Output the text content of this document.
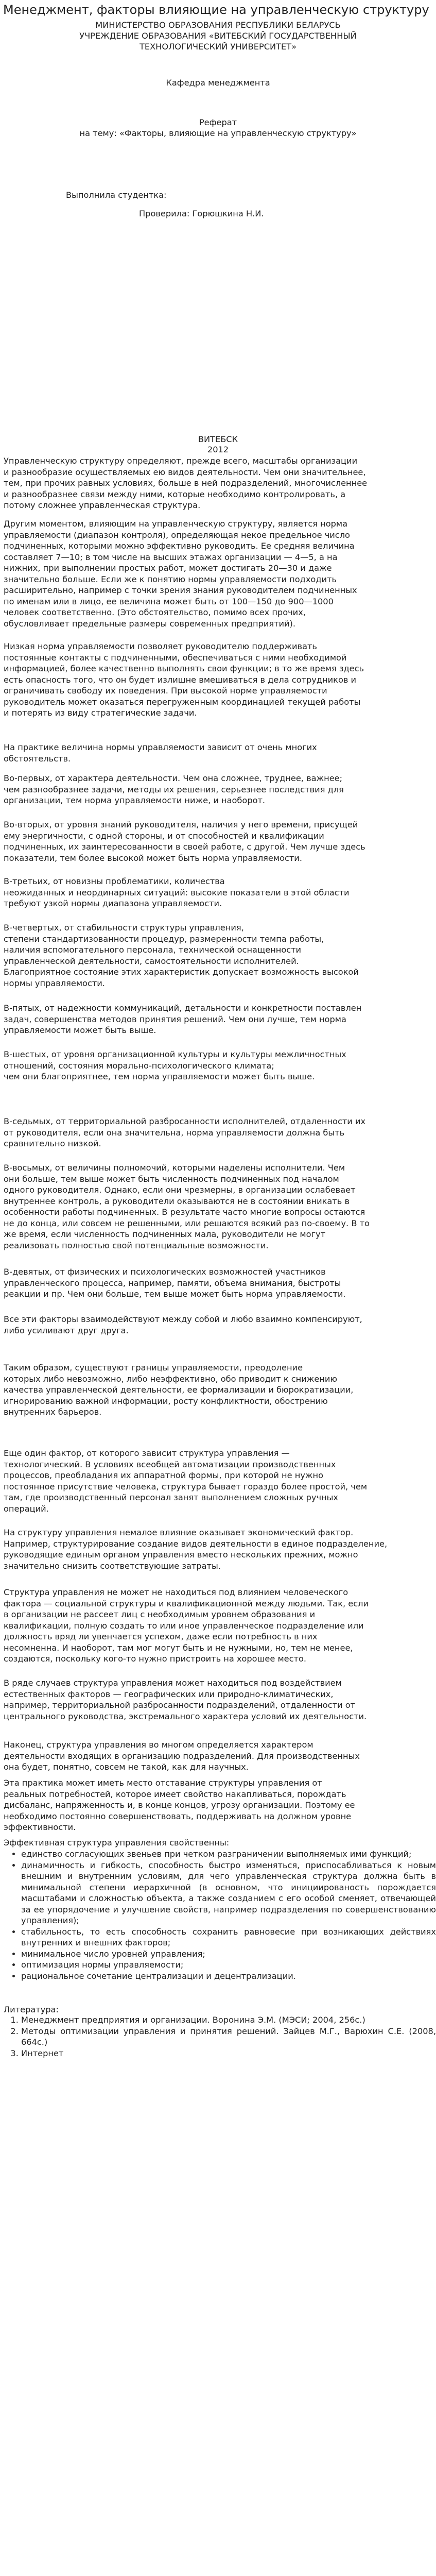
Менеджмент, факторы влияющие на управленческую структуру
МИНИСТЕРСТВО ОБРАЗОВАНИЯ РЕСПУБЛИКИ БЕЛАРУСЬ
УЧРЕЖДЕНИЕ ОБРАЗОВАНИЯ «ВИТЕБСКИЙ ГОСУДАРСТВЕННЫЙ
ТЕХНОЛОГИЧЕСКИЙ УНИВЕРСИТЕТ»
Кафедра менеджмента
Реферат
на тему: «Факторы, влияющие на управленческую структуру»
Выполнила студентка:
Проверила: Горюшкина Н.И.
ВИТЕБСК
2012
Управленческую структуру определяют, прежде всего, масштабы организации
и разнообразие осуществляемых ею видов деятельности. Чем они значительнее,
тем, при прочих равных условиях, больше в ней подразделений, многочисленнее
и разнообразнее связи между ними, которые необходимо контролировать, а
потому сложнее управленческая структура.
Другим моментом, влияющим на управленческую структуру, является норма
управляемости (диапазон контроля), определяющая некое предельное число
подчиненных, которыми можно эффективно руководить. Ее средняя величина
составляет 7—10; в том числе на высших этажах организации — 4—5, а на
нижних, при выполнении простых работ, может достигать 20—30 и даже
значительно больше. Если же к понятию нормы управляемости подходить
расширительно, например с точки зрения знания руководителем подчиненных
по именам или в лицо, ее величина может быть от 100—150 до 900—1000
человек соответственно. (Это обстоятельство, помимо всех прочих,
обусловливает предельные размеры современных предприятий).
Низкая норма управляемости позволяет руководителю поддерживать
постоянные контакты с подчиненными, обеспечиваться с ними необходимой
информацией, более качественно выполнять свои функции; в то же время здесь
есть опасность того, что он будет излишне вмешиваться в дела сотрудников и
ограничивать свободу их поведения. При высокой норме управляемости
руководитель может оказаться перегруженным координацией текущей работы
и потерять из виду стратегические задачи.
На практике величина нормы управляемости зависит от очень многих
обстоятельств.
Во-первых, от характера деятельности. Чем она сложнее, труднее, важнее;
чем разнообразнее задачи, методы их решения, серьезнее последствия для
организации, тем норма управляемости ниже, и наоборот.
Во-вторых, от уровня знаний руководителя, наличия у него времени, присущей
ему энергичности, с одной стороны, и от способностей и квалификации
подчиненных, их заинтересованности в своей работе, с другой. Чем лучше здесь
показатели, тем более высокой может быть норма управляемости.
В-третьих, от новизны проблематики, количества
неожиданных и неординарных ситуаций: высокие показатели в этой области
требуют узкой нормы диапазона управляемости.
В-четвертых, от стабильности структуры управления,
степени стандартизованности процедур, размеренности темпа работы,
наличия вспомогательного персонала, технической оснащенности
управленческой деятельности, самостоятельности исполнителей.
Благоприятное состояние этих характеристик допускает возможность высокой
нормы управляемости.
В-пятых, от надежности коммуникаций, детальности и конкретности поставлен
задач, совершенства методов принятия решений. Чем они лучше, тем норма
управляемости может быть выше.
В-шестых, от уровня организационной культуры и культуры межличностных
отношений, состояния морально-психологического климата;
чем они благоприятнее, тем норма управляемости может быть выше.
В-седьмых, от территориальной разбросанности исполнителей, отдаленности их
от руководителя, если она значительна, норма управляемости должна быть
сравнительно низкой.
В-восьмых, от величины полномочий, которыми наделены исполнители. Чем
они больше, тем выше может быть численность подчиненных под началом
одного руководителя. Однако, если они чрезмерны, в организации ослабевает
внутреннее контроль, а руководители оказываются не в состоянии вникать в
особенности работы подчиненных. В результате часто многие вопросы остаются
не до конца, или совсем не решенными, или решаются всякий раз по-своему. В то
же время, если численность подчиненных мала, руководители не могут
реализовать полностью свой потенциальные возможности.
В-девятых, от физических и психологических возможностей участников
управленческого процесса, например, памяти, объема внимания, быстроты
реакции и пр. Чем они больше, тем выше может быть норма управляемости.
Все эти факторы взаимодействуют между собой и любо взаимно компенсируют,
либо усиливают друг друга.
Таким образом, существуют границы управляемости, преодоление
которых либо невозможно, либо неэффективно, обо приводит к снижению
качества управленческой деятельности, ее формализации и бюрократизации,
игнорированию важной информации, росту конфликтности, обострению
внутренних барьеров.
Еще один фактор, от которого зависит структура управления —
технологический. В условиях всеобщей автоматизации производственных
процессов, преобладания их аппаратной формы, при которой не нужно
постоянное присутствие человека, структура бывает гораздо более простой, чем
там, где производственный персонал занят выполнением сложных ручных
операций.
На структуру управления немалое влияние оказывает экономический фактор.
Например, структурирование создание видов деятельности в единое подразделение,
руководящие единым органом управления вместо нескольких прежних, можно
значительно снизить соответствующие затраты.
Структура управления не может не находиться под влиянием человеческого
фактора — социальной структуры и квалификационной между людьми. Так, если
в организации не рассеет лиц с необходимым уровнем образования и
квалификации, полную создать то или иное управленческое подразделение или
должность вряд ли увенчается успехом, даже если потребность в них
несомненна. И наоборот, там мог могут быть и не нужными, но, тем не менее,
создаются, поскольку кого-то нужно пристроить на хорошее место.
В ряде случаев структура управления может находиться под воздействием
естественных факторов — географических или природно-климатических,
например, территориальной разбросанности подразделений, отдаленности от
центрального руководства, экстремального характера условий их деятельности.
Наконец, структура управления во многом определяется характером
деятельности входящих в организацию подразделений. Для производственных
она будет, понятно, совсем не такой, как для научных.
Эта практика может иметь место отставание структуры управления от
реальных потребностей, которое имеет свойство накапливаться, порождать
дисбаланс, напряженность и, в конце концов, угрозу организации. Поэтому ее
необходимо постоянно совершенствовать, поддерживать на должном уровне
эффективности.
Эффективная структура управления свойственны:
• единство согласующих звеньев при четком разграничении выполняемых ими функций;
• динамичность и гибкость, способность быстро изменяться, приспосабливаться к новым внешним и внутренним условиям, для чего управленческая структура должна быть в минимальной степени иерархичной (в основном, что инициированость порождается масштабами и сложностью объекта, а также созданием с его особой сменяет, отвечающей за ее упорядочение и улучшение свойств, например подразделения по совершенствованию управления);
• стабильность, то есть способность сохранить равновесие при возникающих действиях внутренних и внешних факторов;
• минимальное число уровней управления;
• оптимизация нормы управляемости;
• рациональное сочетание централизации и децентрализации.
Литература:
1. Менеджмент предприятия и организации. Воронина Э.М. (МЭСИ; 2004, 256с.)
2. Методы оптимизации управления и принятия решений. Зайцев М.Г., Варюхин С.Е. (2008, 664с.)
3. Интернет
